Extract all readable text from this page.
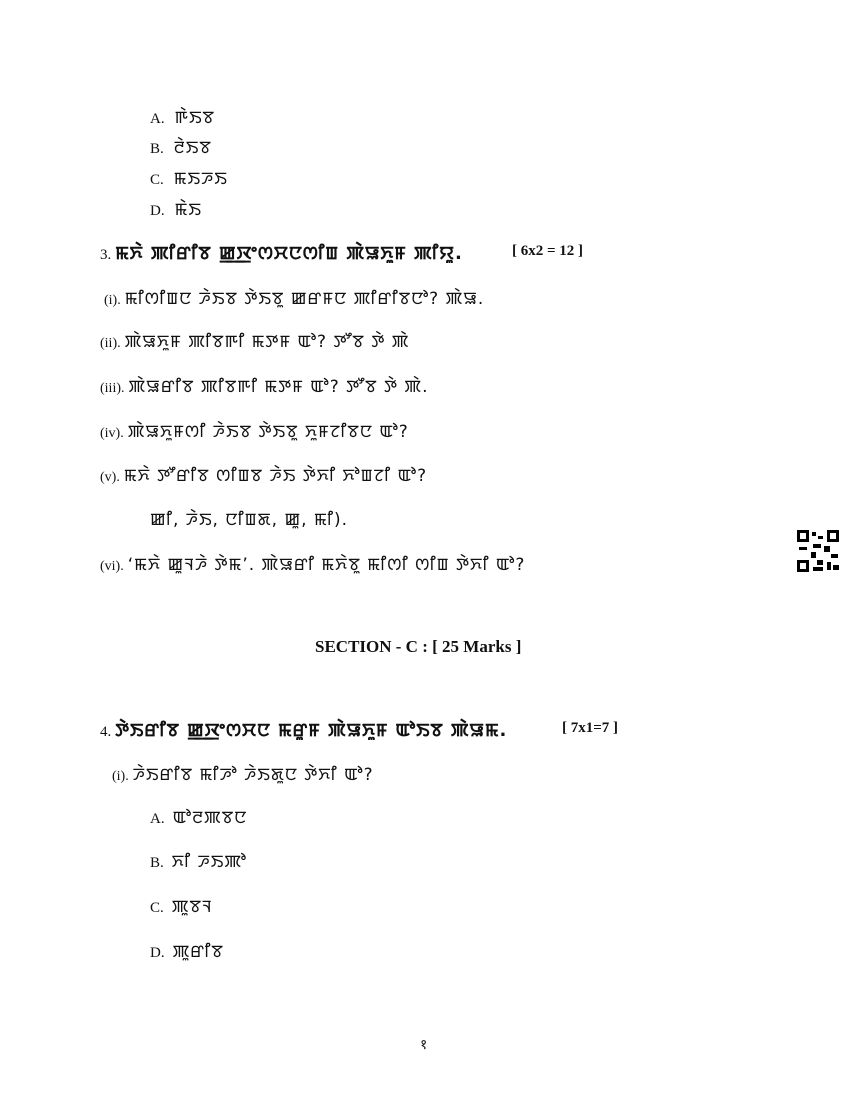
A. ꯒꯥꯏꯕ
B. ꯂꯥꯏꯕ
C. ꯃꯏꯍꯏ
D. ꯃꯥꯏ
3. ꯃꯈꯥ ꯄꯤꯔꯤꯕ ꯀ꯭ꯋꯦꯁꯆꯅꯁꯤꯡ ꯄꯥꯎꯈꯨꯝ ꯄꯤꯌꯨ.	[ 6x2 = 12 ]
(i). ꯃꯤꯁꯤꯡꯅ ꯍꯥꯏꯕ ꯇꯥꯏꯕꯨ ꯀꯔꯝꯅ ꯄꯤꯔꯤꯕꯅꯣ? ꯄꯥꯎ.
(ii). ꯄꯥꯎꯈꯨꯝ ꯄꯤꯕꯒꯤ ꯃꯇꯝ ꯑꯣ? ꯇꯧꯕ ꯇꯥ ꯄꯥ
(iii). ꯄꯥꯎꯔꯤꯕ ꯄꯤꯕꯒꯤ ꯃꯇꯝ ꯑꯣ? ꯇꯧꯕ ꯇꯥ ꯄꯥ.
(iv). ꯄꯥꯎꯈꯨꯝꯁꯤ ꯍꯥꯏꯕ ꯇꯥꯏꯕꯨ ꯈꯨꯝꯖꯤꯕꯅ ꯑꯣ?
(v). ꯃꯈꯥ ꯇꯧꯔꯤꯕ ꯁꯤꯡꯕ ꯍꯥꯏ ꯇꯥꯈꯤ ꯈꯣꯡꯖꯤ ꯑꯣ?
ꯀꯤ, ꯍꯥꯏ, ꯅꯤꯡꯗ, ꯀꯨ, ꯃꯤ).
(vi). ‘ꯃꯈꯥ ꯀꯨꯜꯍꯥ ꯇꯥꯃ’. ꯄꯥꯎꯔꯤ ꯃꯈꯥꯕꯨ ꯃꯤꯁꯤ ꯁꯤꯡ ꯇꯥꯈꯤ ꯑꯣ?
SECTION - C : [ 25 Marks ]
4. ꯇꯥꯏꯔꯤꯕ ꯀ꯭ꯋꯦꯁꯆꯅ ꯃꯔꯨꯝ ꯄꯥꯎꯈꯨꯝ ꯑꯣꯏꯕ ꯄꯥꯎꯃ.	[ 7x1=7 ]
(i). ꯍꯥꯏꯔꯤꯕ ꯃꯤꯍꯣ ꯍꯥꯏꯗꯨꯅ ꯇꯥꯈꯤ ꯑꯣ?
A. ꯑꯣꯂꯄꯕꯅ
B. ꯈꯤ ꯍꯏꯄꯣ
C. ꯄꯨꯕꯜ
D. ꯄꯨꯔꯤꯕ
१
